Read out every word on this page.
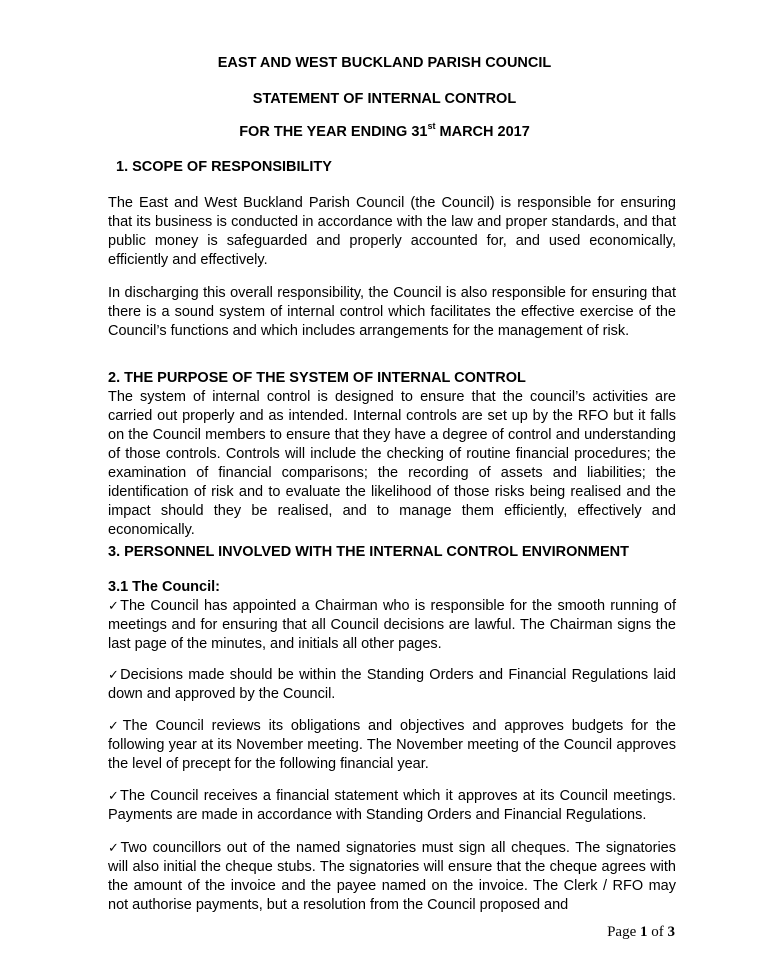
EAST AND WEST BUCKLAND PARISH COUNCIL
STATEMENT OF INTERNAL CONTROL
FOR THE YEAR ENDING 31st MARCH 2017
1. SCOPE OF RESPONSIBILITY
The East and West Buckland Parish Council (the Council) is responsible for ensuring that its business is conducted in accordance with the law and proper standards, and that public money is safeguarded and properly accounted for, and used economically, efficiently and effectively.
In discharging this overall responsibility, the Council is also responsible for ensuring that there is a sound system of internal control which facilitates the effective exercise of the Council’s functions and which includes arrangements for the management of risk.
2. THE PURPOSE OF THE SYSTEM OF INTERNAL CONTROL
The system of internal control is designed to ensure that the council’s activities are carried out properly and as intended. Internal controls are set up by the RFO but it falls on the Council members to ensure that they have a degree of control and understanding of those controls. Controls will include the checking of routine financial procedures; the examination of financial comparisons; the recording of assets and liabilities; the identification of risk and to evaluate the likelihood of those risks being realised and the impact should they be realised, and to manage them efficiently, effectively and economically.
3. PERSONNEL INVOLVED WITH THE INTERNAL CONTROL ENVIRONMENT
3.1 The Council:
✓The Council has appointed a Chairman who is responsible for the smooth running of meetings and for ensuring that all Council decisions are lawful. The Chairman signs the last page of the minutes, and initials all other pages.
✓Decisions made should be within the Standing Orders and Financial Regulations laid down and approved by the Council.
✓The Council reviews its obligations and objectives and approves budgets for the following year at its November meeting. The November meeting of the Council approves the level of precept for the following financial year.
✓The Council receives a financial statement which it approves at its Council meetings. Payments are made in accordance with Standing Orders and Financial Regulations.
✓Two councillors out of the named signatories must sign all cheques. The signatories will also initial the cheque stubs. The signatories will ensure that the cheque agrees with the amount of the invoice and the payee named on the invoice. The Clerk / RFO may not authorise payments, but a resolution from the Council proposed and
Page 1 of 3
